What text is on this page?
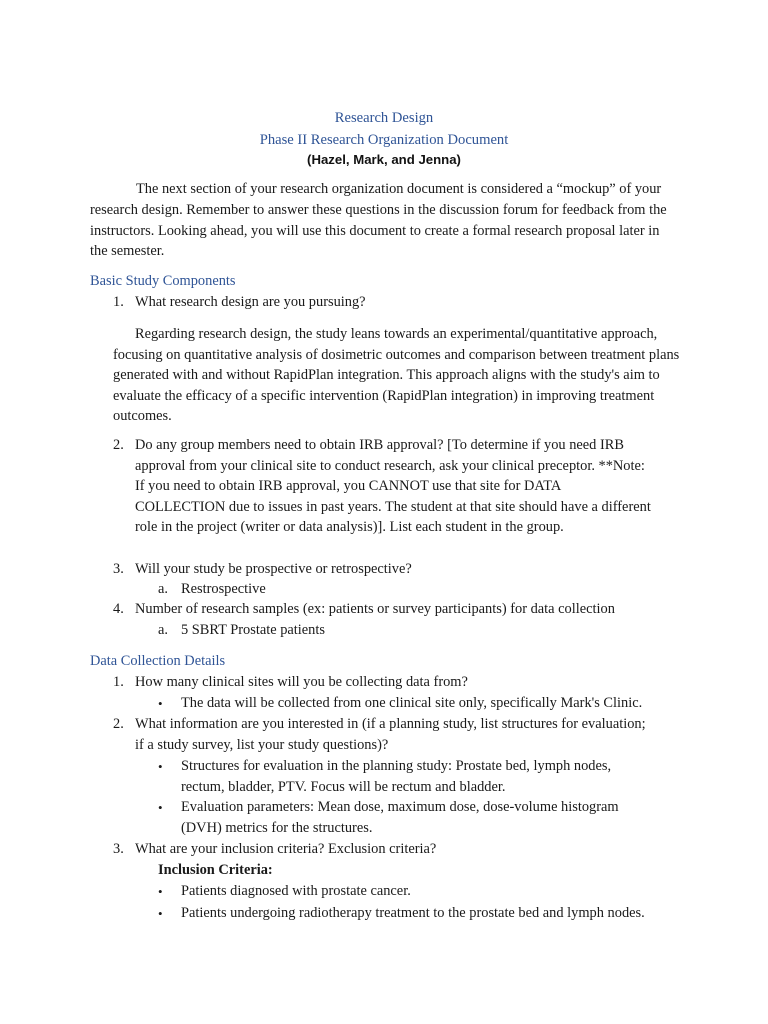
Research Design
Phase II Research Organization Document
(Hazel, Mark, and Jenna)

The next section of your research organization document is considered a “mockup” of your research design. Remember to answer these questions in the discussion forum for feedback from the instructors. Looking ahead, you will use this document to create a formal research proposal later in the semester.

Basic Study Components
1. What research design are you pursuing?

Regarding research design, the study leans towards an experimental/quantitative approach, focusing on quantitative analysis of dosimetric outcomes and comparison between treatment plans generated with and without RapidPlan integration. This approach aligns with the study's aim to evaluate the efficacy of a specific intervention (RapidPlan integration) in improving treatment outcomes.

2. Do any group members need to obtain IRB approval? [To determine if you need IRB
approval from your clinical site to conduct research, ask your clinical preceptor. **Note:
If you need to obtain IRB approval, you CANNOT use that site for DATA
COLLECTION due to issues in past years. The student at that site should have a different
role in the project (writer or data analysis)]. List each student in the group.
3. Will your study be prospective or retrospective?
a. Restrospective
4. Number of research samples (ex: patients or survey participants) for data collection
a. 5 SBRT Prostate patients
Data Collection Details
1. How many clinical sites will you be collecting data from?
• The data will be collected from one clinical site only, specifically Mark's Clinic.
2. What information are you interested in (if a planning study, list structures for evaluation;
if a study survey, list your study questions)?
• Structures for evaluation in the planning study: Prostate bed, lymph nodes,
rectum, bladder, PTV. Focus will be rectum and bladder.
• Evaluation parameters: Mean dose, maximum dose, dose-volume histogram
(DVH) metrics for the structures.
3. What are your inclusion criteria? Exclusion criteria?
Inclusion Criteria:
• Patients diagnosed with prostate cancer.
• Patients undergoing radiotherapy treatment to the prostate bed and lymph nodes.
